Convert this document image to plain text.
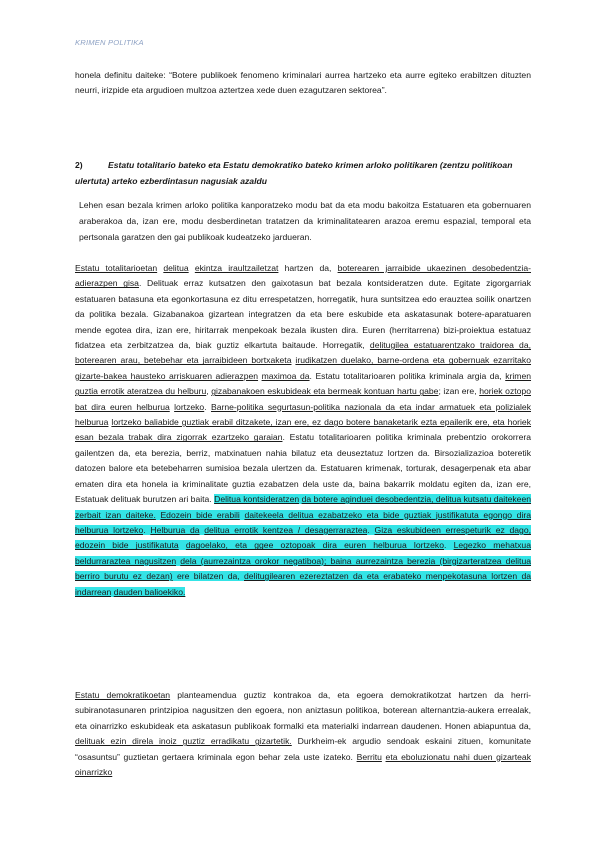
KRIMEN POLITIKA

honela definitu daiteke: “Botere publikoek fenomeno kriminalari aurrea hartzeko eta aurre egiteko erabiltzen dituzten neurri, irizpide eta argudioen multzoa aztertzea xede duen ezagutzaren sektorea”.

2)	Estatu totalitario bateko eta Estatu demokratiko bateko krimen arloko politikaren (zentzu politikoan ulertuta) arteko ezberdintasun nagusiak azaldu

Lehen esan bezala krimen arloko politika kanporatzeko modu bat da eta modu bakoitza Estatuaren eta gobernuaren araberakoa da, izan ere, modu desberdinetan tratatzen da kriminalitatearen arazoa eremu espazial, temporal eta pertsonala garatzen den gai publikoak kudeatzeko jardueran.

Estatu totalitarioetan delitua ekintza iraultzailetzat hartzen da, boterearen jarraibide ukaezinen desobedentzia-adierazpen gisa. Delituak erraz kutsatzen den gaixotasun bat bezala kontsideratzen dute. Egitate zigorgarriak estatuaren batasuna eta egonkortasuna ez ditu errespetatzen, horregatik, hura suntsitzea edo erauztea soilik onartzen da politika bezala. Gizabanakoa gizartean integratzen da eta bere eskubide eta askatasunak botere-aparatuaren mende egotea dira, izan ere, hiritarrak menpekoak bezala ikusten dira. Euren (herritarrena) bizi-proiektua estatuaz fidatzea eta zerbitzatzea da, biak guztiz elkartuta baitaude. Horregatik, delitugilea estatuarentzako traidorea da, boterearen arau, betebehar eta jarraibideen bortxaketa irudikatzen duelako, barne-ordena eta gobernuak ezarritako gizarte-bakea hausteko arriskuaren adierazpen maximoa da. Estatu totalitarioaren politika kriminala argia da, krimen guztia errotik ateratzea du helburu, gizabanakoen eskubideak eta bermeak kontuan hartu gabe; izan ere, horiek oztopo bat dira euren helburua lortzeko. Barne-politika segurtasun-politika nazionala da eta indar armatuek eta polizialek helburua lortzeko baliabide guztiak erabil ditzakete, izan ere, ez dago botere banaketarik ezta epailerik ere, eta horiek esan bezala trabak dira zigorrak ezartzeko garaian. Estatu totalitarioaren politika kriminala prebentzio orokorrera gailentzen da, eta berezia, berriz, matxinatuen nahia bilatuz eta deuseztatuz lortzen da. Birsozializazioa boteretik datozen balore eta betebeharren sumisioa bezala ulertzen da. Estatuaren krimenak, torturak, desagerpenak eta abar ematen dira eta honela ia kriminalitate guztia ezabatzen dela uste da, baina bakarrik moldatu egiten da, izan ere, Estatuak delituak burutzen ari baita. Delitua kontsideratzen da botere aginduei desobedentzia, delitua kutsatu daitekeen zerbait izan daiteke. Edozein bide erabili daitekeela delitua ezabatzeko eta bide guztiak justifikatuta egongo dira helburua lortzeko. Helburua da delitua errotik kentzea / desagerraraztea. Giza eskubideen errespeturik ez dago, edozein bide justifikatuta dagoelako, eta ggee oztopoak dira euren helburua lortzeko. Legezko mehatxua beldurraraztea nagusitzen dela (aurrezaintza orokor negatiboa); baina aurrezaintza berezia (birgizarteratzea delitua berriro burutu ez dezan) ere bilatzen da, delitugilearen ezereztatzen da eta erabateko menpekotasuna lortzen da indarrean dauden balioekiko.

Estatu demokratikoetan planteamendua guztiz kontrakoa da, eta egoera demokratikotzat hartzen da herri- subiranotasunaren printzipioa nagusitzen den egoera, non aniztasun politikoa, boterean alternantzia-aukera errealak, eta oinarrizko eskubideak eta askatasun publikoak formalki eta materialki indarrean daudenen. Honen abiapuntua da, delituak ezin direla inoiz guztiz erradikatu gizartetik. Durkheim-ek argudio sendoak eskaini zituen, komunitate “osasuntsu” guztietan gertaera kriminala egon behar zela uste izateko. Berritu eta eboluzionatu nahi duen gizarteak oinarrizko
